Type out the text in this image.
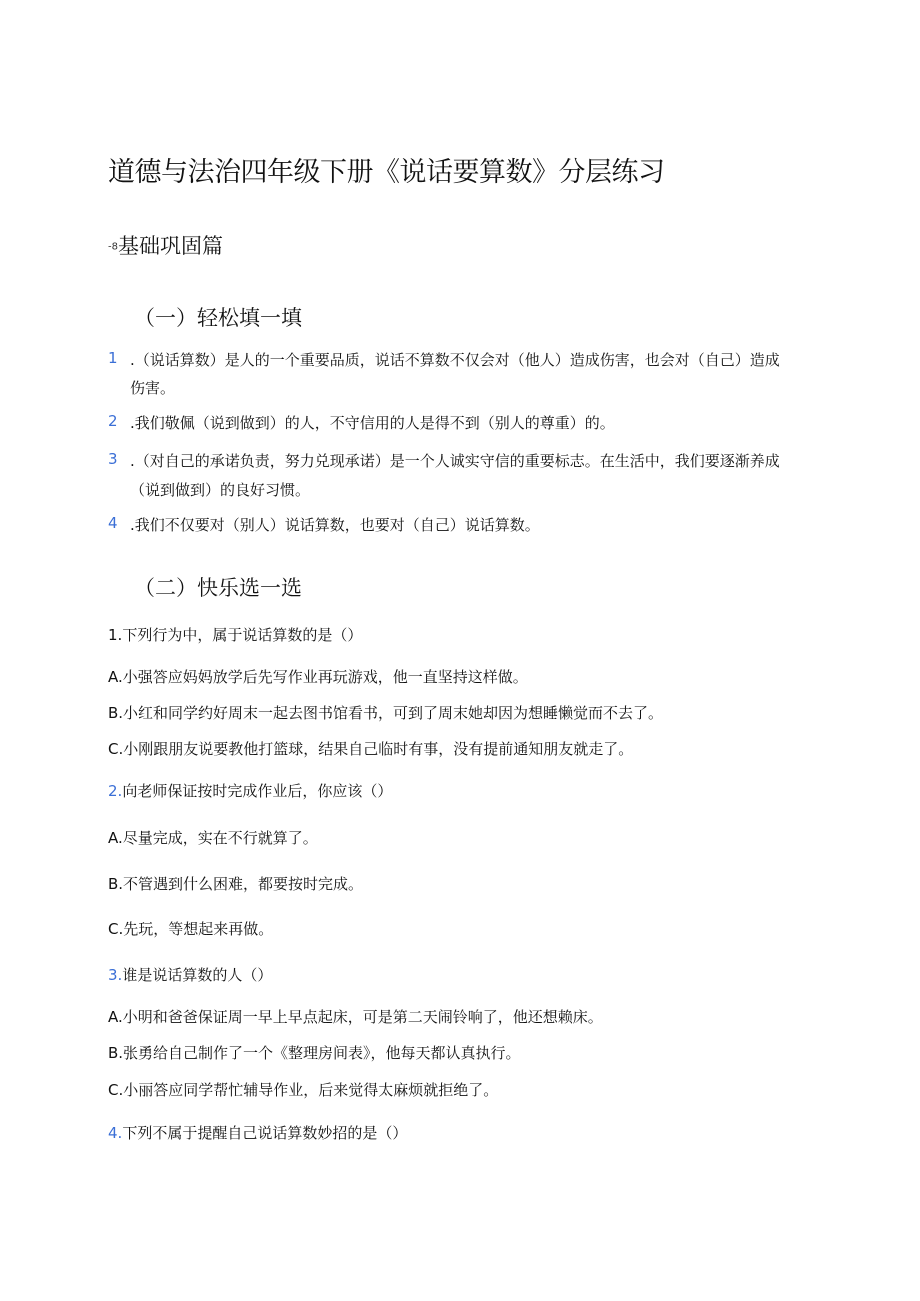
道德与法治四年级下册《说话要算数》分层练习
-8基础巩固篇
（一）轻松填一填
1 .（说话算数）是人的一个重要品质，说话不算数不仅会对（他人）造成伤害，也会对（自己）造成
伤害。
2 .我们敬佩（说到做到）的人，不守信用的人是得不到（别人的尊重）的。
3 .（对自己的承诺负责，努力兑现承诺）是一个人诚实守信的重要标志。在生活中，我们要逐渐养成
（说到做到）的良好习惯。
4 .我们不仅要对（别人）说话算数，也要对（自己）说话算数。
（二）快乐选一选
1.下列行为中，属于说话算数的是（）
A.小强答应妈妈放学后先写作业再玩游戏，他一直坚持这样做。
B.小红和同学约好周末一起去图书馆看书，可到了周末她却因为想睡懒觉而不去了。
C.小刚跟朋友说要教他打篮球，结果自己临时有事，没有提前通知朋友就走了。
2.向老师保证按时完成作业后，你应该（）
A.尽量完成，实在不行就算了。
B.不管遇到什么困难，都要按时完成。
C.先玩，等想起来再做。
3.谁是说话算数的人（）
A.小明和爸爸保证周一早上早点起床，可是第二天闹铃响了，他还想赖床。
B.张勇给自己制作了一个《整理房间表》，他每天都认真执行。
C.小丽答应同学帮忙辅导作业，后来觉得太麻烦就拒绝了。
4.下列不属于提醒自己说话算数妙招的是（）
